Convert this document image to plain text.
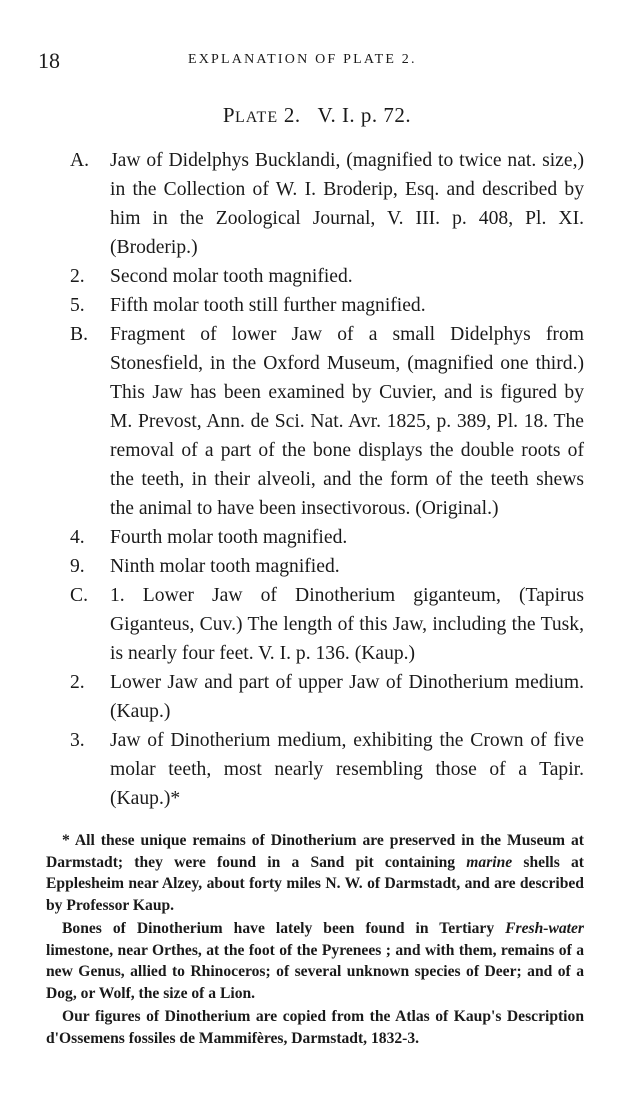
18	EXPLANATION OF PLATE 2.
PLATE 2.   V. I. p. 72.

A. Jaw of Didelphys Bucklandi, (magnified to twice nat. size,) in the Collection of W. I. Broderip, Esq. and described by him in the Zoological Journal, V. III. p. 408, Pl. XI. (Broderip.)

2. Second molar tooth magnified.

5. Fifth molar tooth still further magnified.

B. Fragment of lower Jaw of a small Didelphys from Stonesfield, in the Oxford Museum, (magnified one third.) This Jaw has been examined by Cuvier, and is figured by M. Prevost, Ann. de Sci. Nat. Avr. 1825, p. 389, Pl. 18. The removal of a part of the bone displays the double roots of the teeth, in their alveoli, and the form of the teeth shews the animal to have been insectivorous. (Original.)

4. Fourth molar tooth magnified.

9. Ninth molar tooth magnified.

C. 1. Lower Jaw of Dinotherium giganteum, (Tapirus Giganteus, Cuv.) The length of this Jaw, including the Tusk, is nearly four feet. V. I. p. 136. (Kaup.)

2. Lower Jaw and part of upper Jaw of Dinotherium medium. (Kaup.)

3. Jaw of Dinotherium medium, exhibiting the Crown of five molar teeth, most nearly resembling those of a Tapir. (Kaup.)*

* All these unique remains of Dinotherium are preserved in the Museum at Darmstadt; they were found in a Sand pit containing marine shells at Epplesheim near Alzey, about forty miles N. W. of Darmstadt, and are described by Professor Kaup.

Bones of Dinotherium have lately been found in Tertiary Fresh-water limestone, near Orthes, at the foot of the Pyrenees ; and with them, remains of a new Genus, allied to Rhinoceros; of several unknown species of Deer; and of a Dog, or Wolf, the size of a Lion.

Our figures of Dinotherium are copied from the Atlas of Kaup's Description d'Ossemens fossiles de Mammifères, Darmstadt, 1832-3.
